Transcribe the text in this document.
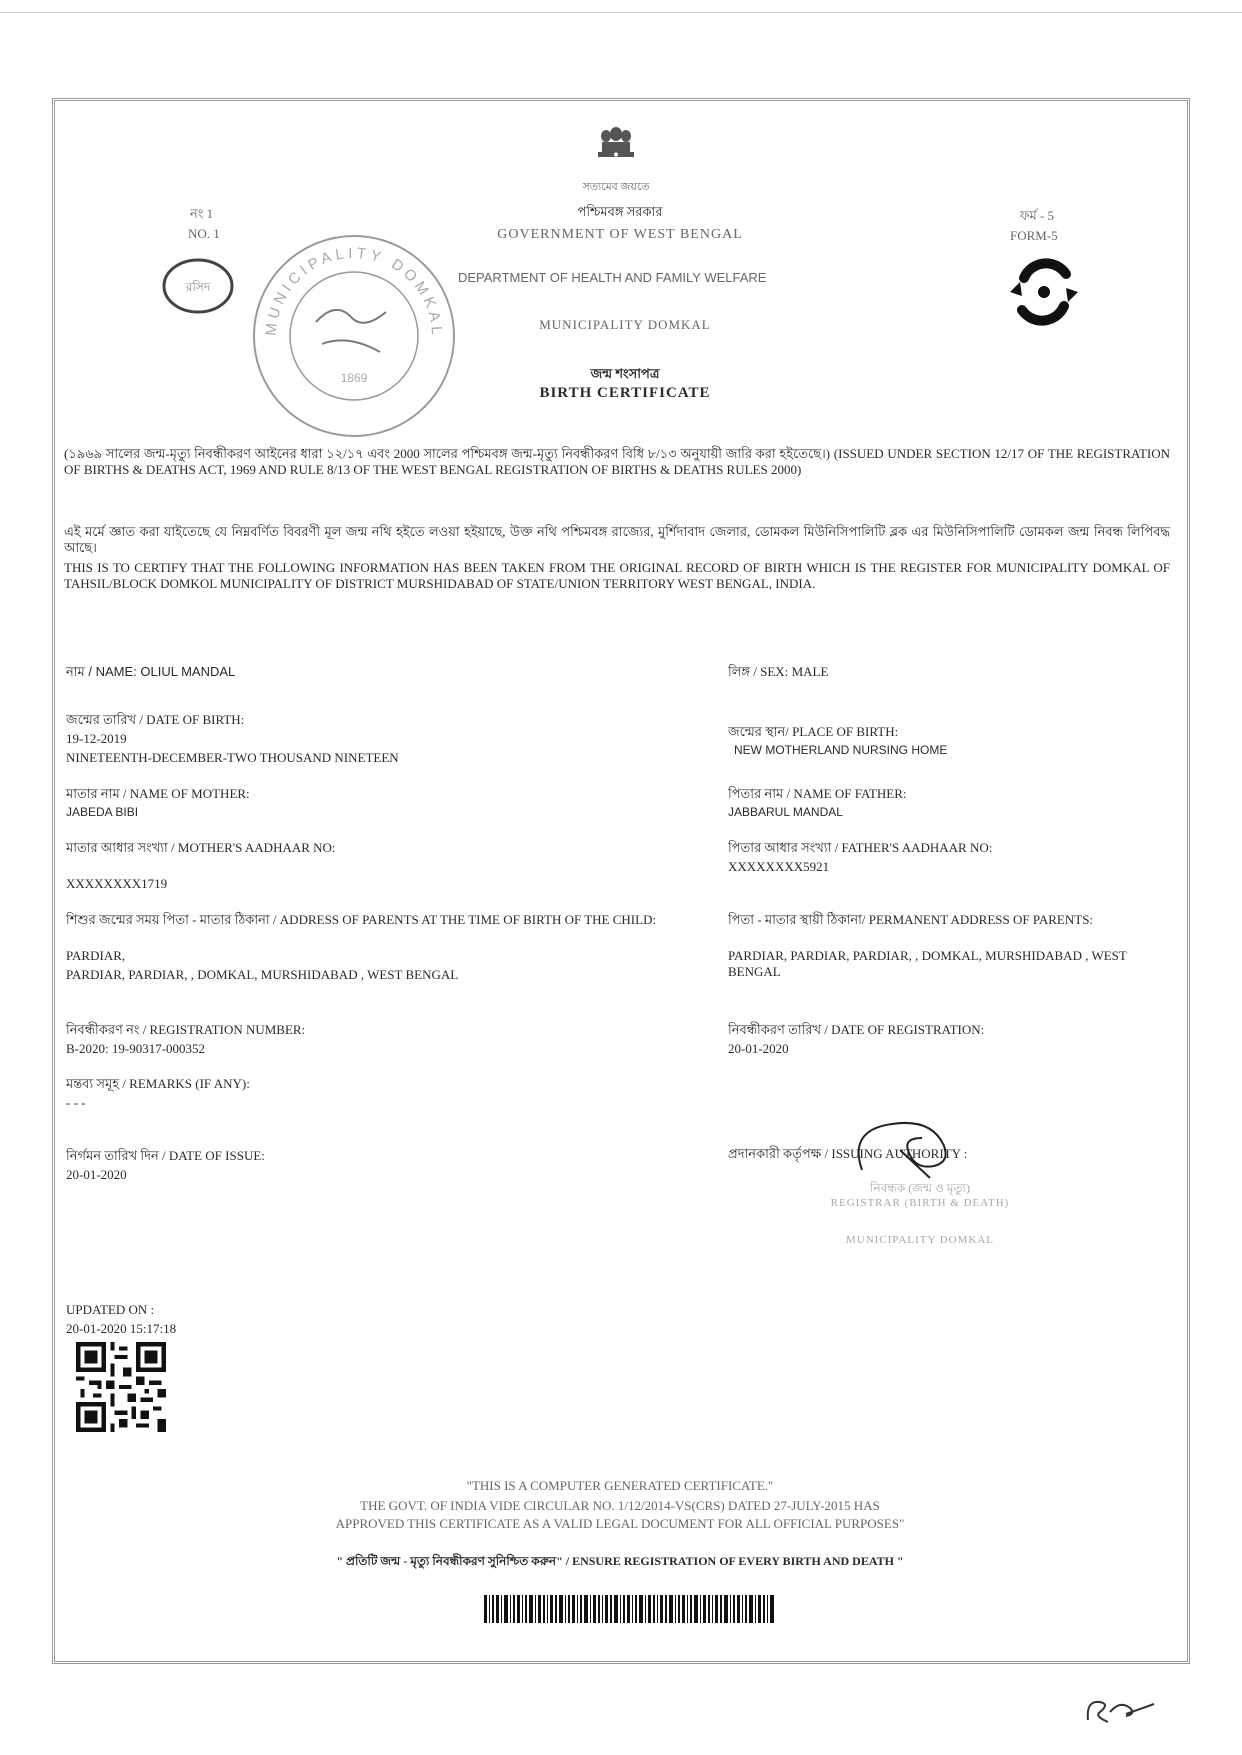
সত্যমেব জয়তে
নং 1
NO. 1
ফর্ম - 5
FORM-5
পশ্চিমবঙ্গ সরকার
GOVERNMENT OF WEST BENGAL
DEPARTMENT OF HEALTH AND FAMILY WELFARE
MUNICIPALITY DOMKAL
জন্ম শংসাপত্র
BIRTH CERTIFICATE
MUNICIPALITY DOMKAL
1869
রসিদ
(১৯৬৯ সালের জন্ম-মৃত্যু নিবন্ধীকরণ আইনের ধারা ১২/১৭ এবং 2000 সালের পশ্চিমবঙ্গ জন্ম-মৃত্যু নিবন্ধীকরণ বিধি ৮/১৩ অনুযায়ী জারি করা হইতেছে।) (ISSUED UNDER SECTION 12/17 OF THE REGISTRATION OF BIRTHS & DEATHS ACT, 1969 AND RULE 8/13 OF THE WEST BENGAL REGISTRATION OF BIRTHS & DEATHS RULES 2000)
এই মর্মে জ্ঞাত করা যাইতেছে যে নিম্নবর্ণিত বিবরণী মূল জন্ম নথি হইতে লওয়া হইয়াছে, উক্ত নথি পশ্চিমবঙ্গ রাজ্যের, মুর্শিদাবাদ জেলার, ডোমকল মিউনিসিপালিটি ব্লক এর মিউনিসিপালিটি ডোমকল জন্ম নিবন্ধ লিপিবদ্ধ আছে।
THIS IS TO CERTIFY THAT THE FOLLOWING INFORMATION HAS BEEN TAKEN FROM THE ORIGINAL RECORD OF BIRTH WHICH IS THE REGISTER FOR MUNICIPALITY DOMKAL OF TAHSIL/BLOCK DOMKOL MUNICIPALITY OF DISTRICT MURSHIDABAD OF STATE/UNION TERRITORY WEST BENGAL, INDIA.
নাম / NAME: OLIUL MANDAL
জন্মের তারিখ / DATE OF BIRTH:
19-12-2019
NINETEENTH-DECEMBER-TWO THOUSAND NINETEEN
মাতার নাম / NAME OF MOTHER:
JABEDA BIBI
মাতার আধার সংখ্যা / MOTHER'S AADHAAR NO:
XXXXXXXX1719
শিশুর জন্মের সময় পিতা - মাতার ঠিকানা / ADDRESS OF PARENTS AT THE TIME OF BIRTH OF THE CHILD:
PARDIAR,
PARDIAR, PARDIAR, , DOMKAL, MURSHIDABAD , WEST BENGAL
নিবন্ধীকরণ নং / REGISTRATION NUMBER:
B-2020: 19-90317-000352
মন্তব্য সমূহ / REMARKS (IF ANY):
- - -
নির্গমন তারিখ দিন / DATE OF ISSUE:
20-01-2020
লিঙ্গ / SEX: MALE
জন্মের স্থান/ PLACE OF BIRTH:
NEW MOTHERLAND NURSING HOME
পিতার নাম / NAME OF FATHER:
JABBARUL MANDAL
পিতার আধার সংখ্যা / FATHER'S AADHAAR NO:
XXXXXXXX5921
পিতা - মাতার স্থায়ী ঠিকানা/ PERMANENT ADDRESS OF PARENTS:
PARDIAR, PARDIAR, PARDIAR, , DOMKAL, MURSHIDABAD , WEST BENGAL
নিবন্ধীকরণ তারিখ / DATE OF REGISTRATION:
20-01-2020
প্রদানকারী কর্তৃপক্ষ / ISSUING AUTHORITY :
নিবন্ধক (জন্ম ও মৃত্যু)
REGISTRAR (BIRTH & DEATH)
MUNICIPALITY DOMKAL
UPDATED ON :
20-01-2020 15:17:18
"THIS IS A COMPUTER GENERATED CERTIFICATE."
THE GOVT. OF INDIA VIDE CIRCULAR NO. 1/12/2014-VS(CRS) DATED 27-JULY-2015 HAS
APPROVED THIS CERTIFICATE AS A VALID LEGAL DOCUMENT FOR ALL OFFICIAL PURPOSES"
" প্রতিটি জন্ম - মৃত্যু নিবন্ধীকরণ সুনিশ্চিত করুন" / ENSURE REGISTRATION OF EVERY BIRTH AND DEATH "
